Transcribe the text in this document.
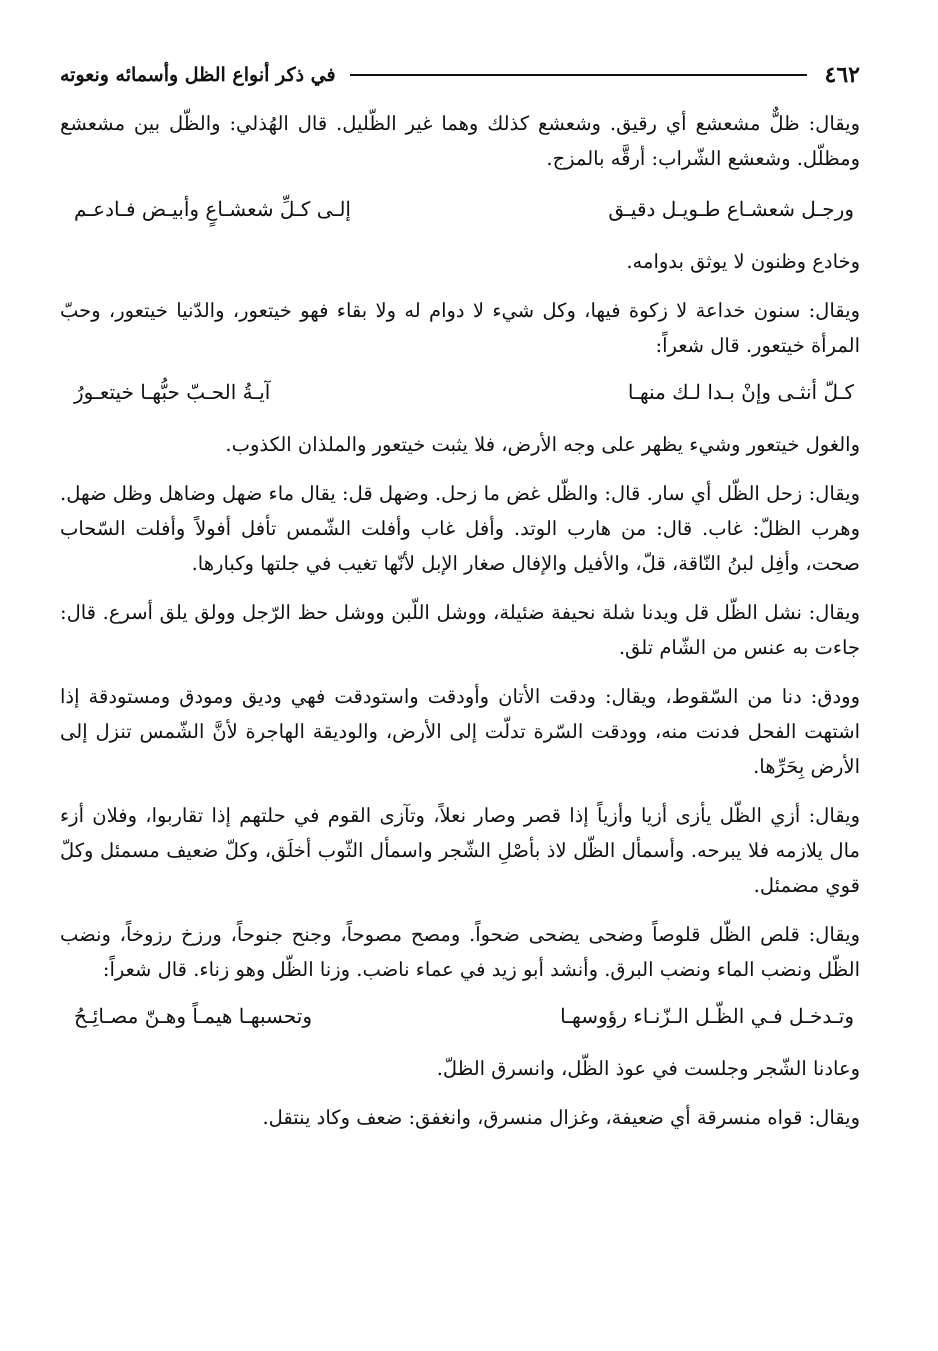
٤٦٢
في ذكر أنواع الظل وأسمائه ونعوته

ويقال: ظلٌّ مشعشع أي رقيق. وشعشع كذلك وهما غير الظّليل. قال الهُذلي: والظّل بين مشعشع ومظلّل. وشعشع الشّراب: أرقَّه بالمزج.

ورجـل شعشـاع طـويـل دقيـق
إلـى كـلِّ شعشـاعٍ وأبيـض فـادعـم

وخادع وظنون لا يوثق بدوامه.

ويقال: سنون خداعة لا زكوة فيها، وكل شيء لا دوام له ولا بقاء فهو خيتعور، والدّنيا خيتعور، وحبّ المرأة خيتعور. قال شعراً:

كـلّ أنثـى وإنْ بـدا لـك منهـا
آيـةُ الحـبّ حبُّهـا خيتعـورُ

والغول خيتعور وشيء يظهر على وجه الأرض، فلا يثبت خيتعور والملذان الكذوب.

ويقال: زحل الظّل أي سار. قال: والظّل غض ما زحل. وضهل قل: يقال ماء ضهل وضاهل وظل ضهل. وهرب الظلّ: غاب. قال: من هارب الوتد. وأفل غاب وأفلت الشّمس تأفل أفولاً وأفلت السّحاب صحت، وأفِل لبنُ النّاقة، قلّ، والأفيل والإفال صغار الإبل لأنّها تغيب في جلتها وكبارها.

ويقال: نشل الظّل قل ويدنا شلة نحيفة ضئيلة، ووشل اللّبن ووشل حظ الرّجل وولق يلق أسرع. قال: جاءت به عنس من الشّام تلق.

وودق: دنا من السّقوط، ويقال: ودقت الأتان وأودقت واستودقت فهي وديق ومودق ومستودقة إذا اشتهت الفحل فدنت منه، وودقت السّرة تدلّت إلى الأرض، والوديقة الهاجرة لأنَّ الشّمس تنزل إلى الأرض بِحَرِّها.

ويقال: أزي الظّل يأزى أزيا وأزياً إذا قصر وصار نعلاً، وتآزى القوم في حلتهم إذا تقاربوا، وفلان أزء مال يلازمه فلا يبرحه. وأسمأل الظّل لاذ بأصْلِ الشّجر واسمأل الثّوب أخلَق، وكلّ ضعيف مسمئل وكلّ قوي مضمئل.

ويقال: قلص الظّل قلوصاً وضحى يضحى ضحواً. ومصح مصوحاً، وجنح جنوحاً، ورزخ رزوخاً، ونضب الظّل ونضب الماء ونضب البرق. وأنشد أبو زيد في عماء ناضب. وزنا الظّل وهو زناء. قال شعراً:

وتـدخـل فـي الظّـل الـزّنـاء رؤوسهـا
وتحسبهـا هيمـاً وهـنّ مصـائِـحُ

وعادنا الشّجر وجلست في عوذ الظّل، وانسرق الظلّ.

ويقال: قواه منسرقة أي ضعيفة، وغزال منسرق، وانغفق: ضعف وكاد ينتقل.
